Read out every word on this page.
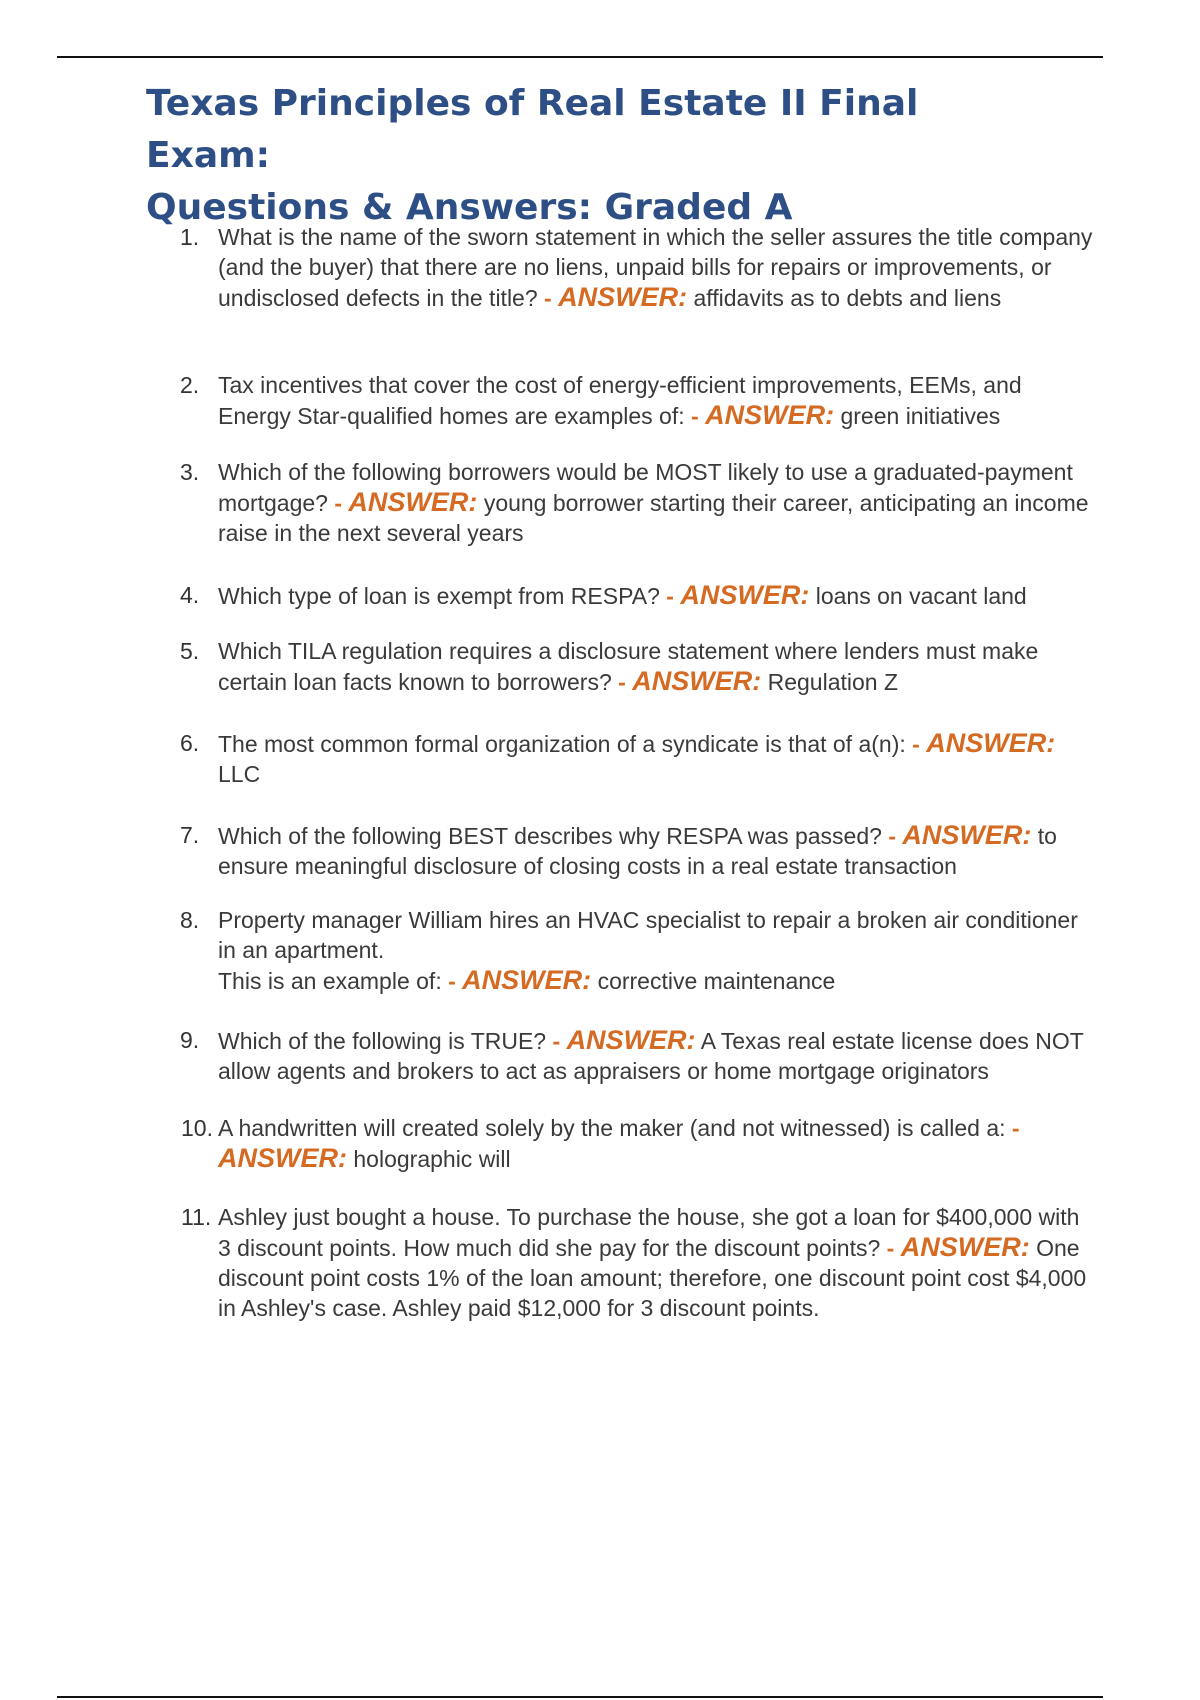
Texas Principles of Real Estate II Final Exam:
Questions & Answers: Graded A
1. What is the name of the sworn statement in which the seller assures the title company (and the buyer) that there are no liens, unpaid bills for repairs or improvements, or undisclosed defects in the title? - ANSWER: affidavits as to debts and liens
2. Tax incentives that cover the cost of energy-efficient improvements, EEMs, and Energy Star-qualified homes are examples of: - ANSWER: green initiatives
3. Which of the following borrowers would be MOST likely to use a graduated-payment mortgage? - ANSWER: young borrower starting their career, anticipating an income raise in the next several years
4. Which type of loan is exempt from RESPA? - ANSWER: loans on vacant land
5. Which TILA regulation requires a disclosure statement where lenders must make certain loan facts known to borrowers? - ANSWER: Regulation Z
6. The most common formal organization of a syndicate is that of a(n): - ANSWER: LLC
7. Which of the following BEST describes why RESPA was passed? - ANSWER: to ensure meaningful disclosure of closing costs in a real estate transaction
8. Property manager William hires an HVAC specialist to repair a broken air conditioner in an apartment.
This is an example of: - ANSWER: corrective maintenance
9. Which of the following is TRUE? - ANSWER: A Texas real estate license does NOT allow agents and brokers to act as appraisers or home mortgage originators
10. A handwritten will created solely by the maker (and not witnessed) is called a: - ANSWER: holographic will
11. Ashley just bought a house. To purchase the house, she got a loan for $400,000 with 3 discount points. How much did she pay for the discount points? - ANSWER: One discount point costs 1% of the loan amount; therefore, one discount point cost $4,000 in Ashley's case. Ashley paid $12,000 for 3 discount points.
